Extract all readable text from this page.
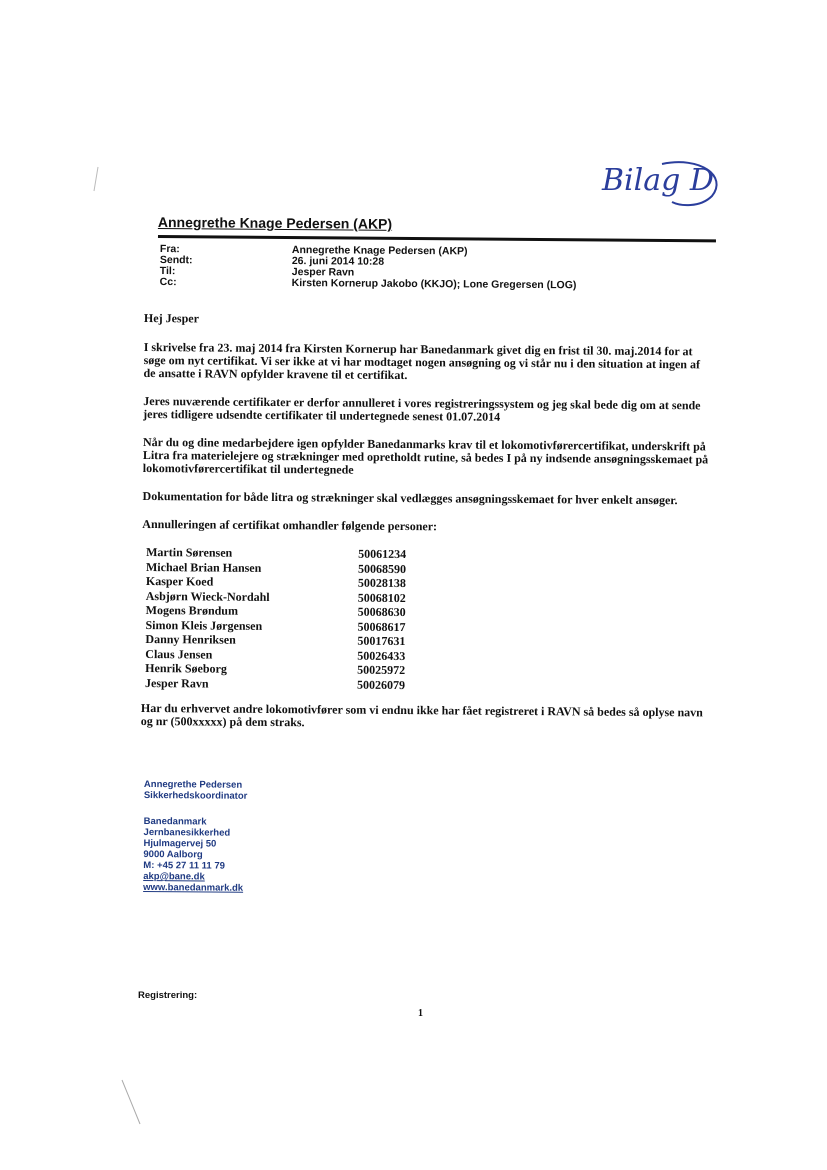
Bilag D
Annegrethe Knage Pedersen (AKP)
Fra:	Annegrethe Knage Pedersen (AKP)
Sendt:	26. juni 2014 10:28
Til:	Jesper Ravn
Cc:	Kirsten Kornerup Jakobo (KKJO); Lone Gregersen (LOG)

Hej Jesper

I skrivelse fra 23. maj 2014 fra Kirsten Kornerup har Banedanmark givet dig en frist til 30. maj.2014 for at søge om nyt certifikat. Vi ser ikke at vi har modtaget nogen ansøgning og vi står nu i den situation at ingen af de ansatte i RAVN opfylder kravene til et certifikat.

Jeres nuværende certifikater er derfor annulleret i vores registreringssystem og jeg skal bede dig om at sende jeres tidligere udsendte certifikater til undertegnede senest 01.07.2014

Når du og dine medarbejdere igen opfylder Banedanmarks krav til et lokomotivførercertifikat, underskrift på Litra fra materielejere og strækninger med opretholdt rutine, så bedes I på ny indsende ansøgningsskemaet på lokomotivførercertifikat til undertegnede

Dokumentation for både litra og strækninger skal vedlægges ansøgningsskemaet for hver enkelt ansøger.

Annulleringen af certifikat omhandler følgende personer:

Martin Sørensen	50061234
Michael Brian Hansen	50068590
Kasper Koed	50028138
Asbjørn Wieck-Nordahl	50068102
Mogens Brøndum	50068630
Simon Kleis Jørgensen	50068617
Danny Henriksen	50017631
Claus Jensen	50026433
Henrik Søeborg	50025972
Jesper Ravn	50026079

Har du erhvervet andre lokomotivfører som vi endnu ikke har fået registreret i RAVN så bedes så oplyse navn og nr (500xxxxx) på dem straks.

Annegrethe Pedersen

Sikkerhedskoordinator

Banedanmark

Jernbanesikkerhed

Hjulmagervej 50

9000 Aalborg

M: +45 27 11 11 79

akp@bane.dk

www.banedanmark.dk

Registrering:
1
